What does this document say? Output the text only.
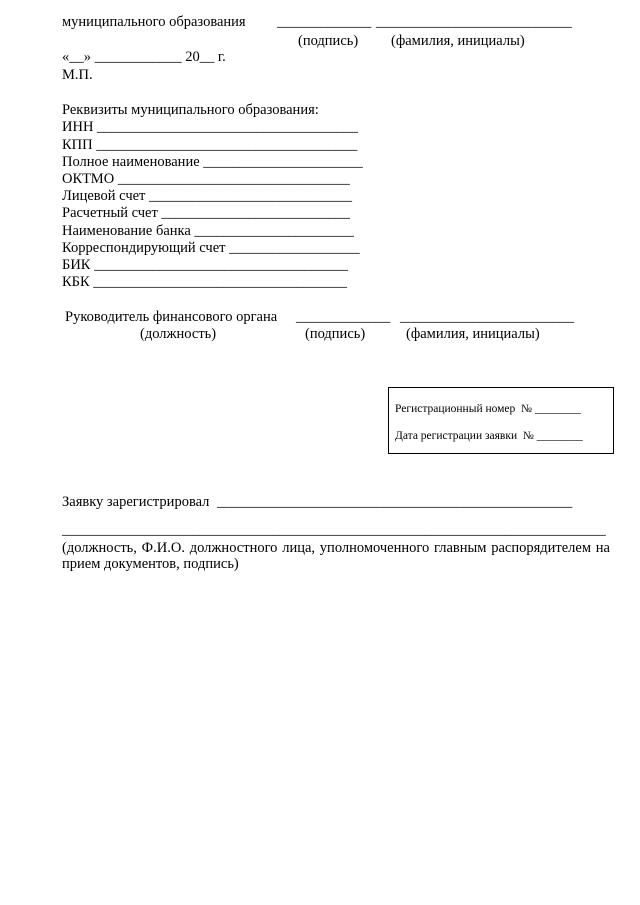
муниципального образования _____________ ___________________________
(подпись) (фамилия, инициалы)
«__» ____________ 20__ г.
М.П.
Реквизиты муниципального образования:
ИНН ____________________________________
КПП ____________________________________
Полное наименование ______________________
ОКТМО ________________________________
Лицевой счет ____________________________
Расчетный счет __________________________
Наименование банка ______________________
Корреспондирующий счет __________________
БИК ___________________________________
КБК ___________________________________
Руководитель финансового органа _____________ ________________________
(должность)	(подпись)	(фамилия, инициалы)
Регистрационный номер  № ________
Дата регистрации заявки  № ________
Заявку зарегистрировал _________________________________________________
___________________________________________________________________________
(должность, Ф.И.О. должностного лица, уполномоченного главным распорядителем на прием документов, подпись)
